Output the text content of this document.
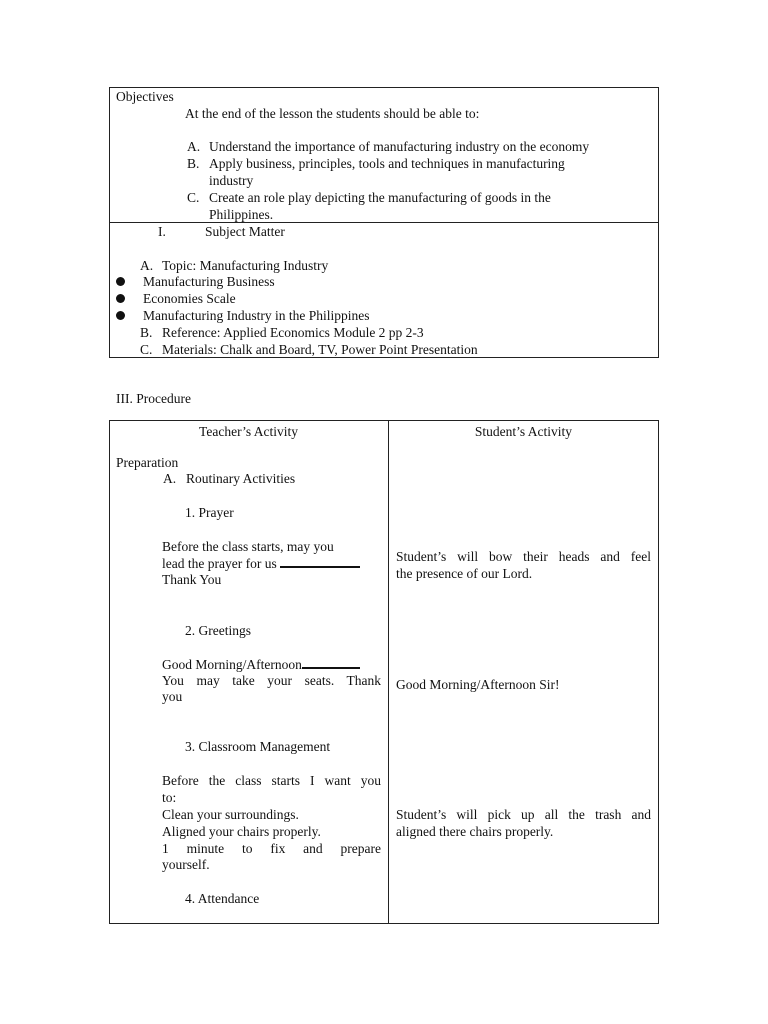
Objectives
At the end of the lesson the students should be able to:
A. Understand the importance of manufacturing industry on the economy
B. Apply business, principles, tools and techniques in manufacturing
industry
C. Create an role play depicting the manufacturing of goods in the
Philippines.
I.	Subject Matter
A. Topic: Manufacturing Industry
Manufacturing Business
Economies Scale
Manufacturing Industry in the Philippines
B. Reference: Applied Economics Module 2 pp 2-3
C. Materials: Chalk and Board, TV, Power Point Presentation
III. Procedure
Teacher’s Activity	Student’s Activity
Preparation
A. Routinary Activities
1. Prayer
Before the class starts, may you
lead the prayer for us
Thank You
Student’s will bow their heads and feel
the presence of our Lord.
2. Greetings
Good Morning/Afternoon
You may take your seats. Thank
you
Good Morning/Afternoon Sir!
3. Classroom Management
Before the class starts I want you
to:
Clean your surroundings.
Aligned your chairs properly.
1 minute to fix and prepare
yourself.
Student’s will pick up all the trash and
aligned there chairs properly.
4. Attendance
